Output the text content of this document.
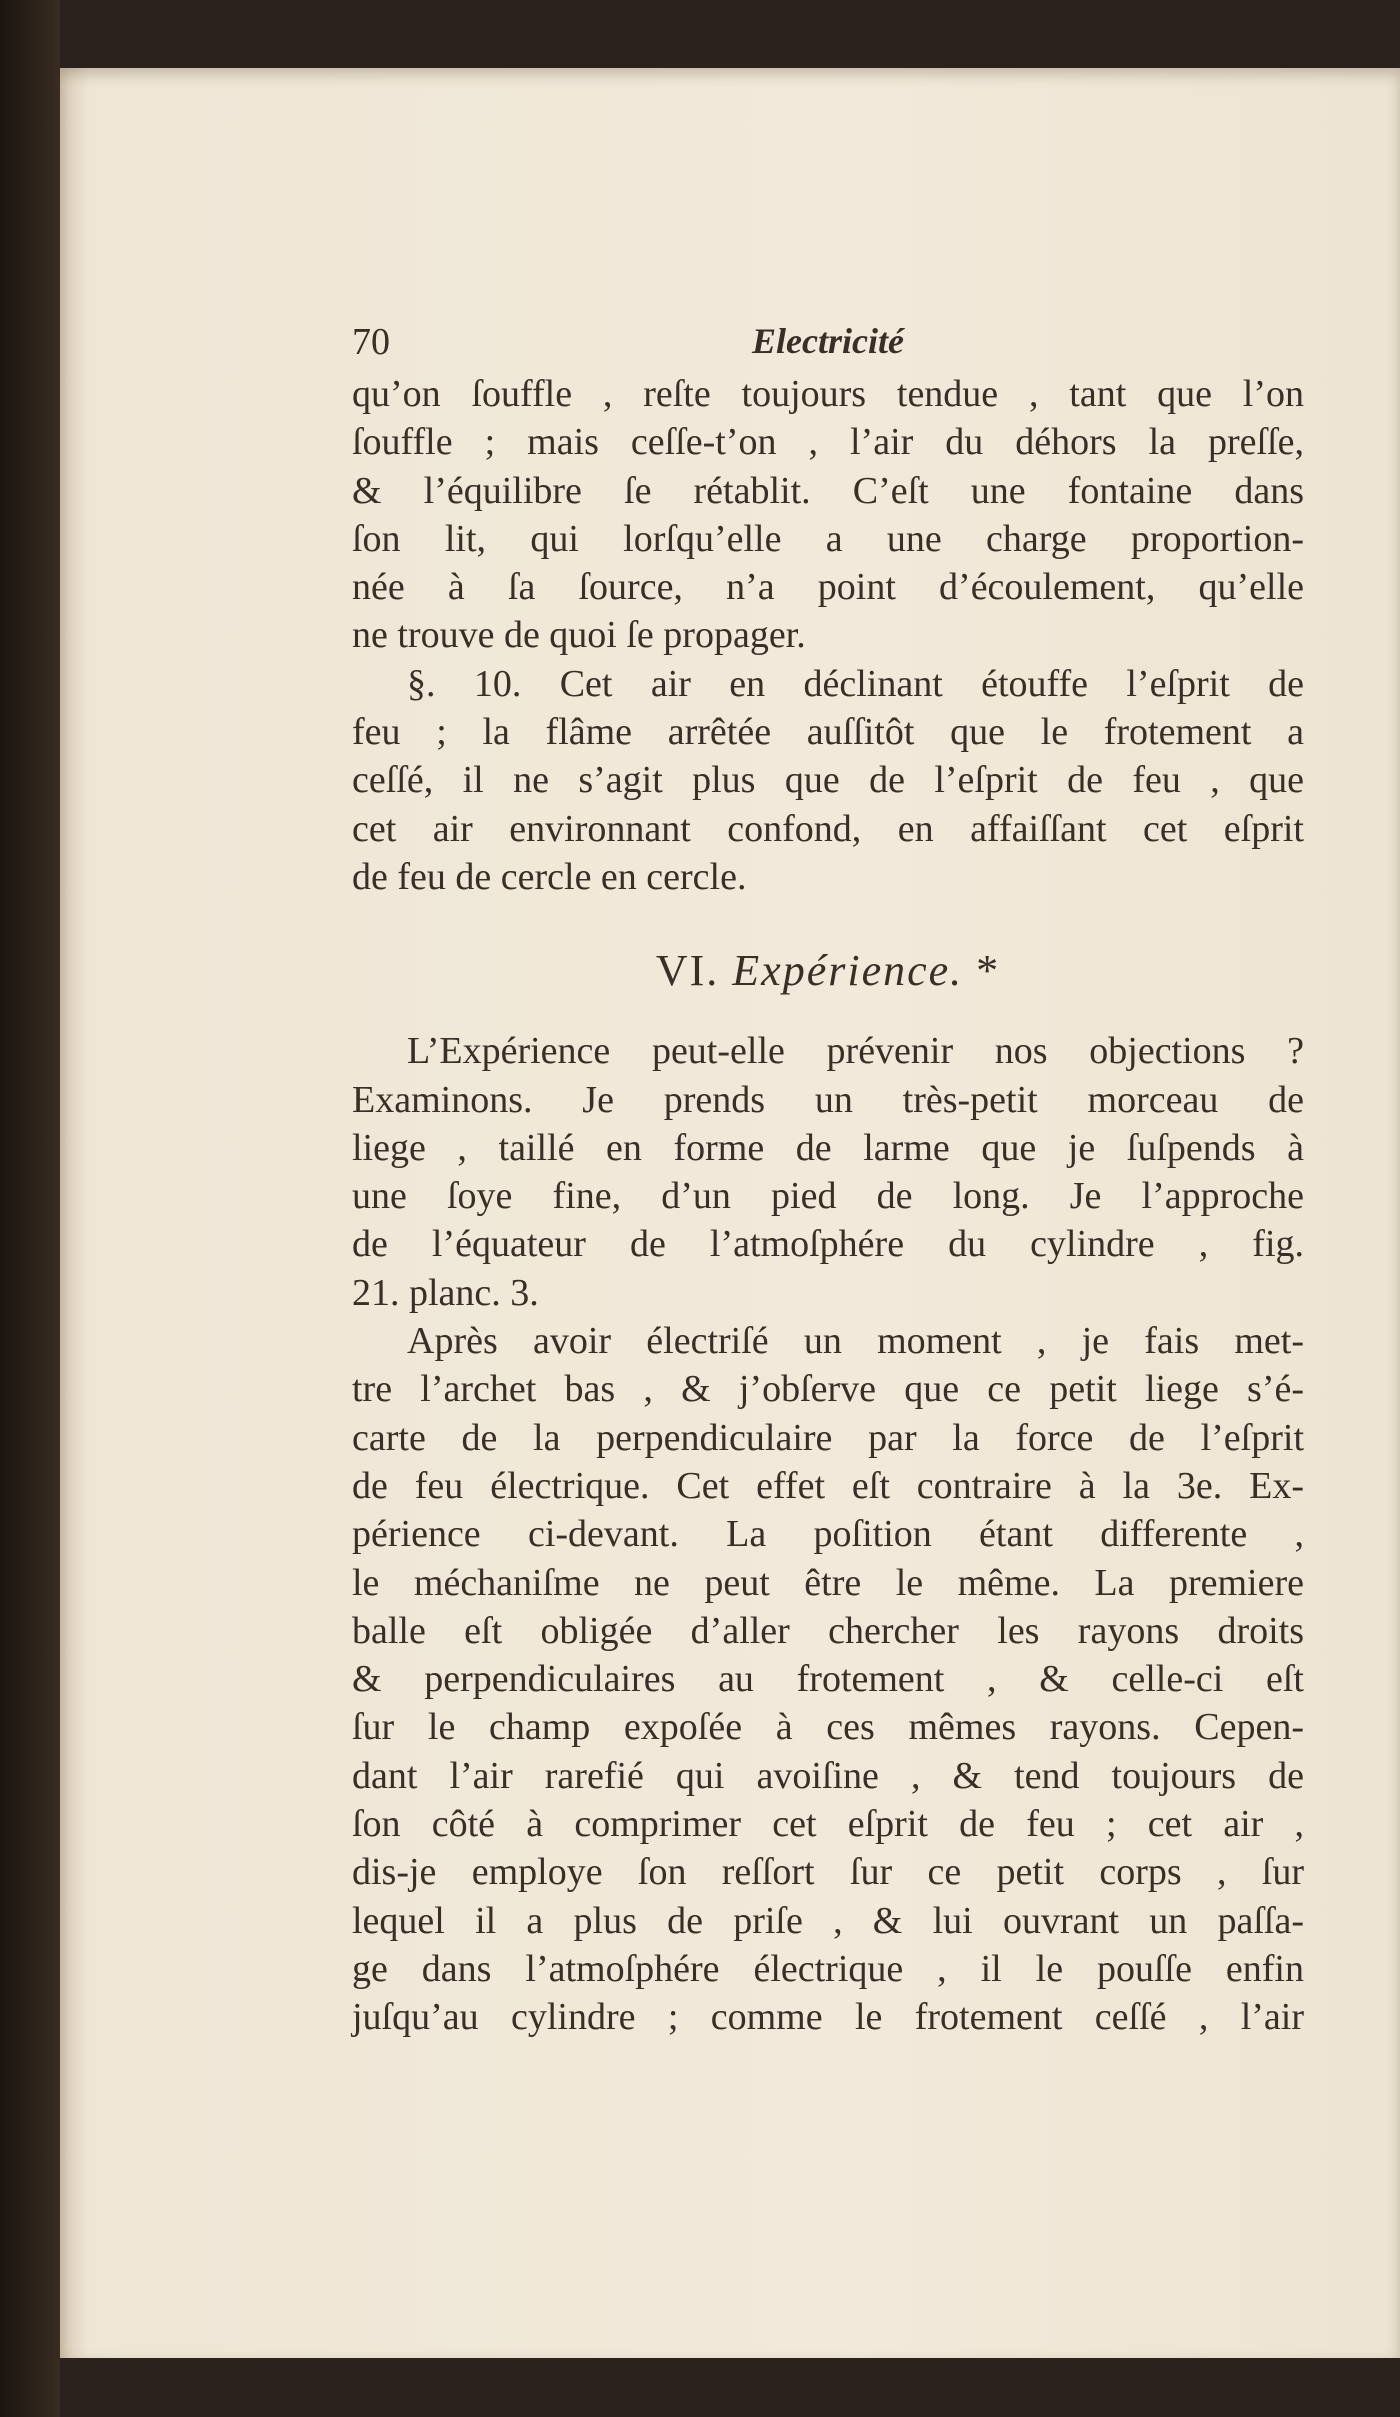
70	Electricité
qu’on ſouffle , reſte toujours tendue , tant que l’on
ſouffle ; mais ceſſe-t’on , l’air du déhors la preſſe,
& l’équilibre ſe rétablit. C’eſt une fontaine dans
ſon lit, qui lorſqu’elle a une charge proportion-
née à ſa ſource, n’a point d’écoulement, qu’elle
ne trouve de quoi ſe propager.
§. 10. Cet air en déclinant étouffe l’eſprit de
feu ; la flâme arrêtée auſſitôt que le frotement a
ceſſé, il ne s’agit plus que de l’eſprit de feu , que
cet air environnant confond, en affaiſſant cet eſprit
de feu de cercle en cercle.
VI. Expérience. *
L’Expérience peut-elle prévenir nos objections ?
Examinons. Je prends un très-petit morceau de
liege , taillé en forme de larme que je ſuſpends à
une ſoye fine, d’un pied de long. Je l’approche
de l’équateur de l’atmoſphére du cylindre , fig.
21. planc. 3.
Après avoir électriſé un moment , je fais met-
tre l’archet bas , & j’obſerve que ce petit liege s’é-
carte de la perpendiculaire par la force de l’eſprit
de feu électrique. Cet effet eſt contraire à la 3e. Ex-
périence ci-devant. La poſition étant differente ,
le méchaniſme ne peut être le même. La premiere
balle eſt obligée d’aller chercher les rayons droits
& perpendiculaires au frotement , & celle-ci eſt
ſur le champ expoſée à ces mêmes rayons. Cepen-
dant l’air rarefié qui avoiſine , & tend toujours de
ſon côté à comprimer cet eſprit de feu ; cet air ,
dis-je employe ſon reſſort ſur ce petit corps , ſur
lequel il a plus de priſe , & lui ouvrant un paſſa-
ge dans l’atmoſphére électrique , il le pouſſe enfin
juſqu’au cylindre ; comme le frotement ceſſé , l’air
